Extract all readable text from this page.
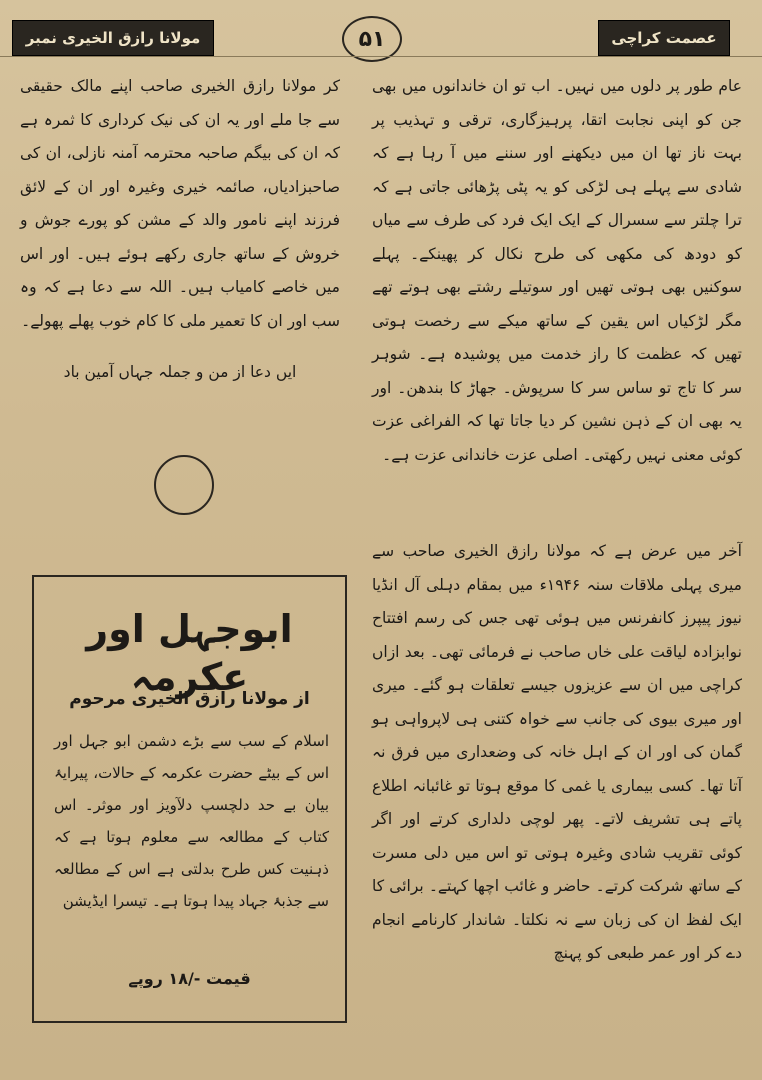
مولانا رازق الخیری نمبر	۵۱	عصمت کراچی

کر مولانا رازق الخیری صاحب اپنے مالک حقیقی سے جا ملے اور یہ ان کی نیک کرداری کا ثمرہ ہے کہ ان کی بیگم صاحبہ محترمہ آمنہ نازلی، ان کی صاحبزادیاں، صائمہ خیری وغیرہ اور ان کے لائق فرزند اپنے نامور والد کے مشن کو پورے جوش و خروش کے ساتھ جاری رکھے ہوئے ہیں۔ اور اس میں خاصے کامیاب ہیں۔ اللہ سے دعا ہے کہ وہ سب اور ان کا تعمیر ملی کا کام خوب پھلے پھولے۔

ایں دعا از من و جملہ جہاں آمین باد
ابوجہل اور عکرمہ
از مولانا رازق الخیری مرحوم
اسلام کے سب سے بڑے دشمن ابو جہل اور اس کے بیٹے حضرت عکرمہ کے حالات، پیرایۂ بیان بے حد دلچسپ دلآویز اور موثر۔ اس کتاب کے مطالعہ سے معلوم ہوتا ہے کہ ذہنیت کس طرح بدلتی ہے اس کے مطالعہ سے جذبۂ جہاد پیدا ہوتا ہے۔ تیسرا ایڈیشن
قیمت -/۱۸ روپے

عام طور پر دلوں میں نہیں۔ اب تو ان خاندانوں میں بھی جن کو اپنی نجابت اتقا، پرہیزگاری، ترقی و تہذیب پر بہت ناز تھا ان میں دیکھنے اور سننے میں آ رہا ہے کہ شادی سے پہلے ہی لڑکی کو یہ پٹی پڑھائی جاتی ہے کہ ترا چلتر سے سسرال کے ایک ایک فرد کی طرف سے میاں کو دودھ کی مکھی کی طرح نکال کر پھینکے۔ پہلے سوکنیں بھی ہوتی تھیں اور سوتیلے رشتے بھی ہوتے تھے مگر لڑکیاں اس یقین کے ساتھ میکے سے رخصت ہوتی تھیں کہ عظمت کا راز خدمت میں پوشیدہ ہے۔ شوہر سر کا تاج تو ساس سر کا سرپوش۔ جھاڑ کا بندھن۔ اور یہ بھی ان کے ذہن نشین کر دیا جاتا تھا کہ الفراغی عزت کوئی معنی نہیں رکھتی۔ اصلی عزت خاندانی عزت ہے۔

آخر میں عرض ہے کہ مولانا رازق الخیری صاحب سے میری پہلی ملاقات سنہ ۱۹۴۶ء میں بمقام دہلی آل انڈیا نیوز پیپرز کانفرنس میں ہوئی تھی جس کی رسم افتتاح نوابزادہ لیاقت علی خاں صاحب نے فرمائی تھی۔ بعد ازاں کراچی میں ان سے عزیزوں جیسے تعلقات ہو گئے۔ میری اور میری بیوی کی جانب سے خواہ کتنی ہی لاپرواہی ہو گمان کی اور ان کے اہل خانہ کی وضعداری میں فرق نہ آتا تھا۔ کسی بیماری یا غمی کا موقع ہوتا تو غائبانہ اطلاع پاتے ہی تشریف لاتے۔ پھر لوچی دلداری کرتے اور اگر کوئی تقریب شادی وغیرہ ہوتی تو اس میں دلی مسرت کے ساتھ شرکت کرتے۔ حاضر و غائب اچھا کہتے۔ برائی کا ایک لفظ ان کی زبان سے نہ نکلتا۔ شاندار کارنامے انجام دے کر اور عمر طبعی کو پہنچ
